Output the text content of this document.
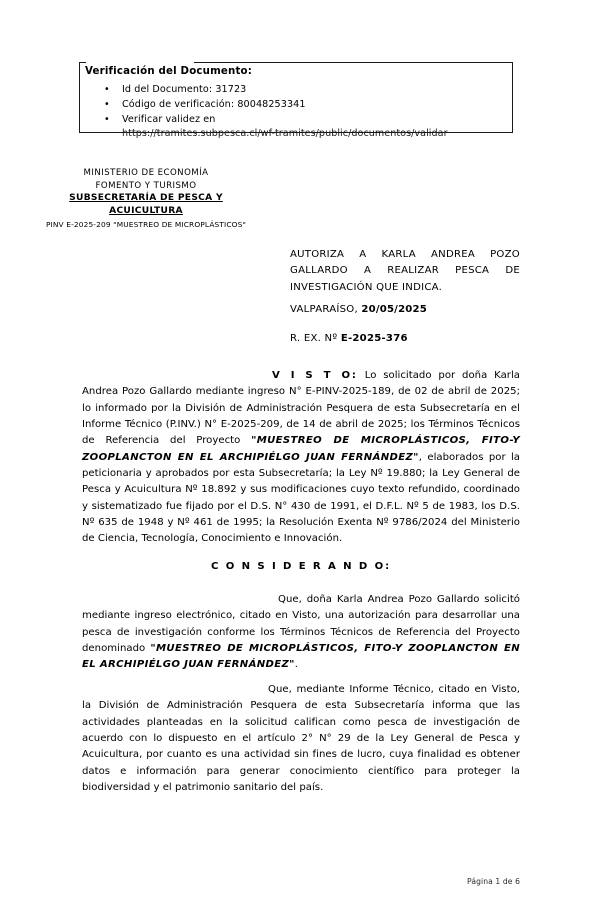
Verificación del Documento:
• Id del Documento: 31723
• Código de verificación: 80048253341
• Verificar validez en
https://tramites.subpesca.cl/wf-tramites/public/documentos/validar
MINISTERIO DE ECONOMÍA
FOMENTO Y TURISMO
SUBSECRETARÍA DE PESCA Y
ACUICULTURA
PINV E-2025-209 "MUESTREO DE MICROPLÁSTICOS"
AUTORIZA A KARLA ANDREA POZO GALLARDO A REALIZAR PESCA DE INVESTIGACIÓN QUE INDICA.
VALPARAÍSO, 20/05/2025
R. EX. Nº E-2025-376
V I S T O: Lo solicitado por doña Karla Andrea Pozo Gallardo mediante ingreso N° E-PINV-2025-189, de 02 de abril de 2025; lo informado por la División de Administración Pesquera de esta Subsecretaría en el Informe Técnico (P.INV.) N° E-2025-209, de 14 de abril de 2025; los Términos Técnicos de Referencia del Proyecto "MUESTREO DE MICROPLÁSTICOS, FITO-Y ZOOPLANCTON EN EL ARCHIPIÉLGO JUAN FERNÁNDEZ", elaborados por la peticionaria y aprobados por esta Subsecretaría; la Ley Nº 19.880; la Ley General de Pesca y Acuicultura Nº 18.892 y sus modificaciones cuyo texto refundido, coordinado y sistematizado fue fijado por el D.S. N° 430 de 1991, el D.F.L. Nº 5 de 1983, los D.S. Nº 635 de 1948 y Nº 461 de 1995; la Resolución Exenta Nº 9786/2024 del Ministerio de Ciencia, Tecnología, Conocimiento e Innovación.
C O N S I D E R A N D O:
Que, doña Karla Andrea Pozo Gallardo solicitó mediante ingreso electrónico, citado en Visto, una autorización para desarrollar una pesca de investigación conforme los Términos Técnicos de Referencia del Proyecto denominado "MUESTREO DE MICROPLÁSTICOS, FITO-Y ZOOPLANCTON EN EL ARCHIPIÉLGO JUAN FERNÁNDEZ".
Que, mediante Informe Técnico, citado en Visto, la División de Administración Pesquera de esta Subsecretaría informa que las actividades planteadas en la solicitud califican como pesca de investigación de acuerdo con lo dispuesto en el artículo 2° N° 29 de la Ley General de Pesca y Acuicultura, por cuanto es una actividad sin fines de lucro, cuya finalidad es obtener datos e información para generar conocimiento científico para proteger la biodiversidad y el patrimonio sanitario del país.
Página 1 de 6
